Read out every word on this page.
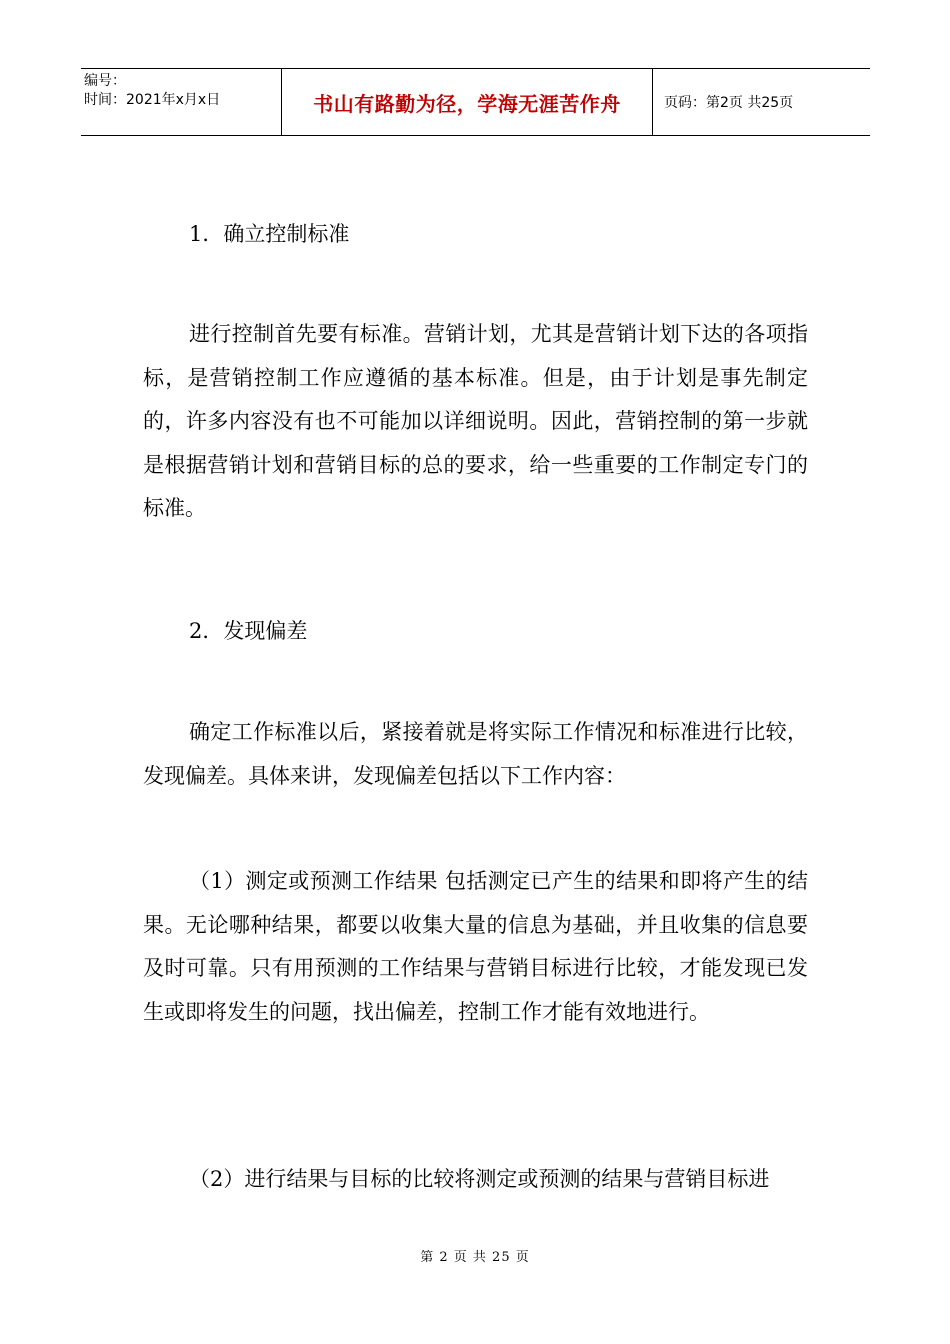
编号：
时间：2021年x月x日	书山有路勤为径，学海无涯苦作舟	页码：第2页 共25页

1．确立控制标准

进行控制首先要有标准。营销计划，尤其是营销计划下达的各项指标，是营销控制工作应遵循的基本标准。但是，由于计划是事先制定的，许多内容没有也不可能加以详细说明。因此，营销控制的第一步就是根据营销计划和营销目标的总的要求，给一些重要的工作制定专门的标准。

2．发现偏差

确定工作标准以后，紧接着就是将实际工作情况和标准进行比较，发现偏差。具体来讲，发现偏差包括以下工作内容：

（1）测定或预测工作结果 包括测定已产生的结果和即将产生的结果。无论哪种结果，都要以收集大量的信息为基础，并且收集的信息要及时可靠。只有用预测的工作结果与营销目标进行比较，才能发现已发生或即将发生的问题，找出偏差，控制工作才能有效地进行。

（2）进行结果与目标的比较将测定或预测的结果与营销目标进

第 2 页 共 25 页
